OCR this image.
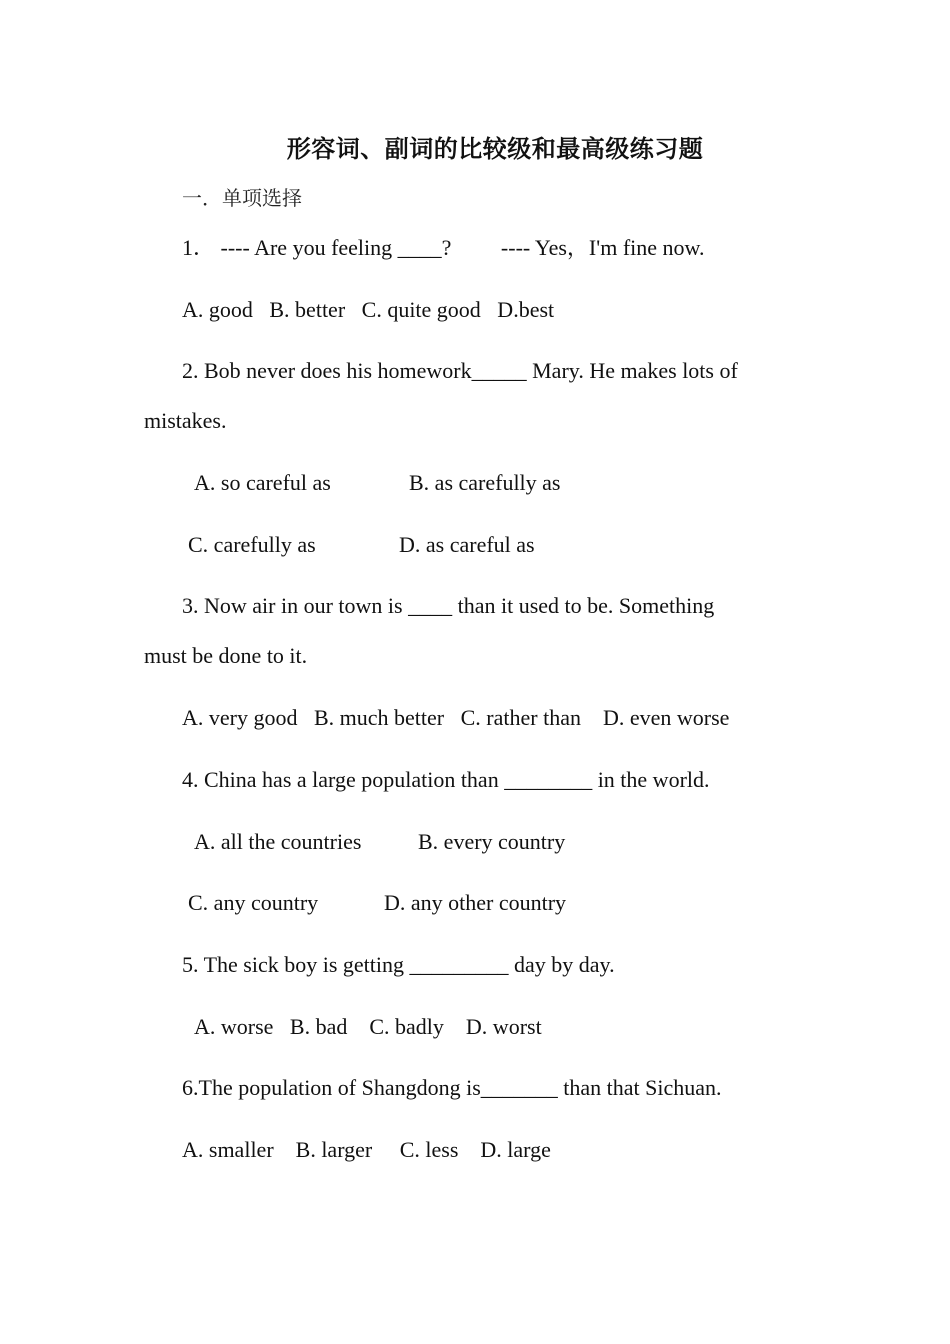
形容词、副词的比较级和最高级练习题
一．单项选择
1． ---- Are you feeling ____?         ---- Yes，I'm fine now.
A. good   B. better   C. quite good   D.best
2. Bob never does his homework_____ Mary. He makes lots of
mistakes.
A. so careful as	B. as carefully as
C. carefully as	D. as careful as
3. Now air in our town is ____ than it used to be. Something
must be done to it.
A. very good   B. much better   C. rather than    D. even worse
4. China has a large population than ________ in the world.
A. all the countries	B. every country
C. any country	D. any other country
5. The sick boy is getting _________ day by day.
A. worse   B. bad    C. badly    D. worst
6.The population of Shangdong is_______ than that Sichuan.
A. smaller    B. larger     C. less    D. large
